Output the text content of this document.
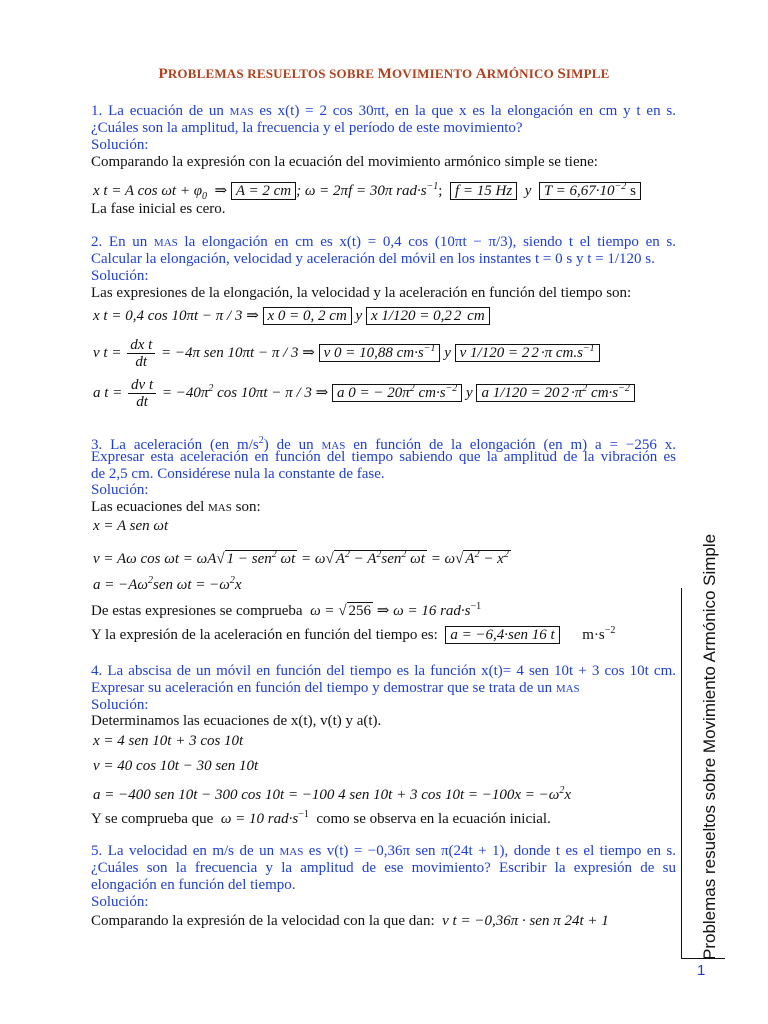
PROBLEMAS RESUELTOS SOBRE MOVIMIENTO ARMÓNICO SIMPLE
1. La ecuación de un MAS es x(t) = 2 cos 30πt, en la que x es la elongación en cm y t en s.
¿Cuáles son la amplitud, la frecuencia y el período de este movimiento?
Solución:
Comparando la expresión con la ecuación del movimiento armónico simple se tiene:
x t = A $\cos \omega t + \varphi_0$ ⇒ A = 2 cm ; ω = 2πf = 30π $rad\cdot s^{-1}$; f = 15 Hz y $T = 6,67\cdot 10^{-2}$ s
La fase inicial es cero.
2. En un MAS la elongación en cm es x(t) = 0,4 cos (10πt − π/3), siendo t el tiempo en s.
Calcular la elongación, velocidad y aceleración del móvil en los instantes t = 0 s y t = 1/120 s.
Solución:
Las expresiones de la elongación, la velocidad y la aceleración en función del tiempo son:
x t = 0,4 cos 10πt − π / 3 ⇒ x 0 = 0, 2 cm y x 1/120 = 0,2 2 cm
v $t = \frac{\text{dx t}}{dt} = -4\pi$ sen 10πt − π / 3 ⇒ v 0 = 10,88 $cm\cdot s^{-1}$ y v 1/120 = 2 2 ·π $cm.s^{-1}$
a $t = \frac{\text{dv t}}{dt} = -40\pi^2$ cos 10πt − π / 3 ⇒ a 0 = − $20\pi^2$ $cm\cdot s^{-2}$ y a 1/120 = 20 $2 \cdot\pi^2$ $cm\cdot s^{-2}$
3. La aceleración (en $m/s^2$) de un MAS en función de la elongación (en m) a = −256 x.
Expresar esta aceleración en función del tiempo sabiendo que la amplitud de la vibración es
de 2,5 cm. Considérese nula la constante de fase.
Solución:
Las ecuaciones del MAS son:
x = A sen ωt
v = Aω cos ωt = ωA√ 1 − sen$^2$ ωt = ω√ $A^2 - A^2sen^2$ ωt = ω√ $A^2 - x^2$
$a = -A\omega^2sen$ $\omega t = -\omega^2x$
De estas expresiones se comprueba ω = √ 256 ⇒ ω = 16 $rad\cdot s^{-1}$
Y la expresión de la aceleración en función del tiempo es: a = −6,4·sen 16 t $m\cdot s^{-2}$
4. La abscisa de un móvil en función del tiempo es la función x(t)= 4 sen 10t + 3 cos 10t cm.
Expresar su aceleración en función del tiempo y demostrar que se trata de un MAS
Solución:
Determinamos las ecuaciones de x(t), v(t) y a(t).
x = 4 sen 10t + 3 cos 10t
v = 40 cos 10t − 30 sen 10t
a = −400 sen 10t − 300 cos 10t = −100 4 sen 10t + 3 $\cos 10t = -100x = -\omega^2x$
Y se comprueba que ω = 10 $rad\cdot s^{-1}$ como se observa en la ecuación inicial.
5. La velocidad en m/s de un MAS es v(t) = −0,36π sen π(24t + 1), donde t es el tiempo en s.
¿Cuáles son la frecuencia y la amplitud de ese movimiento? Escribir la expresión de su
elongación en función del tiempo.
Solución:
Comparando la expresión de la velocidad con la que dan: v t = −0,36π · sen π 24t + 1	Problemas resueltos sobre Movimiento Armónico Simple
1
